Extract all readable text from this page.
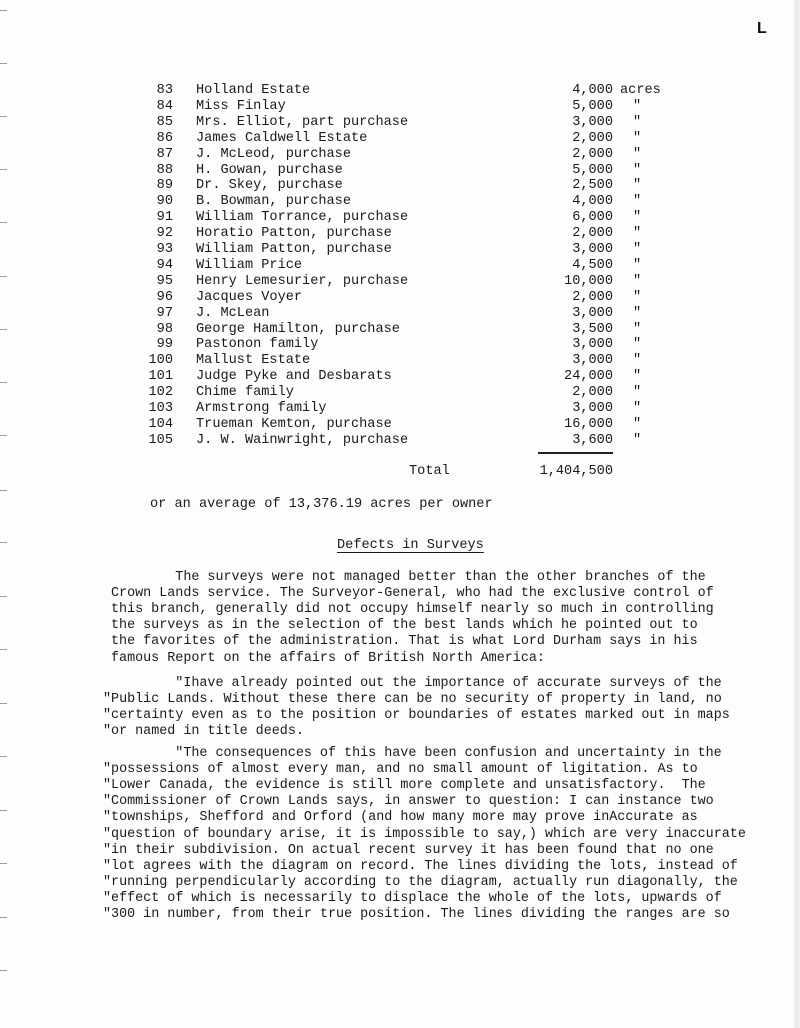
L
83 Holland Estate	4,000 acres
84 Miss Finlay	5,000 "
85 Mrs. Elliot, part purchase	3,000 "
86 James Caldwell Estate	2,000 "
87 J. McLeod, purchase	2,000 "
88 H. Gowan, purchase	5,000 "
89 Dr. Skey, purchase	2,500 "
90 B. Bowman, purchase	4,000 "
91 William Torrance, purchase	6,000 "
92 Horatio Patton, purchase	2,000 "
93 William Patton, purchase	3,000 "
94 William Price	4,500 "
95 Henry Lemesurier, purchase	10,000 "
96 Jacques Voyer	2,000 "
97 J. McLean	3,000 "
98 George Hamilton, purchase	3,500 "
99 Pastonon family	3,000 "
100 Mallust Estate	3,000 "
101 Judge Pyke and Desbarats	24,000 "
102 Chime family	2,000 "
103 Armstrong family	3,000 "
104 Trueman Kemton, purchase	16,000 "
105 J. W. Wainwright, purchase	3,600 "
Total	1,404,500
or an average of 13,376.19 acres per owner
Defects in Surveys
The surveys were not managed better than the other branches of the
Crown Lands service. The Surveyor-General, who had the exclusive control of
this branch, generally did not occupy himself nearly so much in controlling
the surveys as in the selection of the best lands which he pointed out to
the favorites of the administration. That is what Lord Durham says in his
famous Report on the affairs of British North America:
"Ihave already pointed out the importance of accurate surveys of the
"Public Lands. Without these there can be no security of property in land, no
"certainty even as to the position or boundaries of estates marked out in maps
"or named in title deeds.
"The consequences of this have been confusion and uncertainty in the
"possessions of almost every man, and no small amount of ligitation. As to
"Lower Canada, the evidence is still more complete and unsatisfactory.  The
"Commissioner of Crown Lands says, in answer to question: I can instance two
"townships, Shefford and Orford (and how many more may prove inAccurate as
"question of boundary arise, it is impossible to say,) which are very inaccurate
"in their subdivision. On actual recent survey it has been found that no one
"lot agrees with the diagram on record. The lines dividing the lots, instead of
"running perpendicularly according to the diagram, actually run diagonally, the
"effect of which is necessarily to displace the whole of the lots, upwards of
"300 in number, from their true position. The lines dividing the ranges are so
